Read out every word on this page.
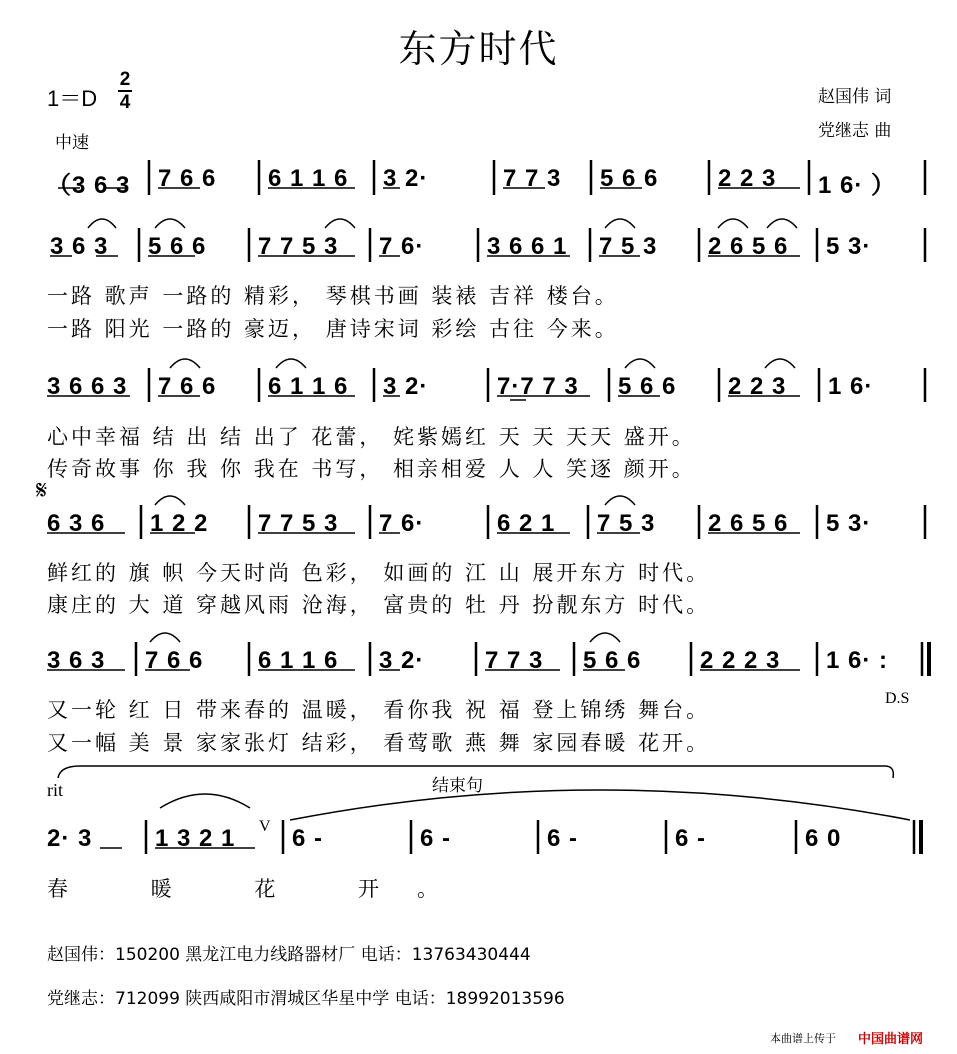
东方时代
1＝D
2
4
中速
赵国伟 词
党继志 曲
（3 6 3 7 6 6 6 1 1 6 3 2·	7 7 3 5 6 6 2 2 3 1 6· ）
3 6 3 5 6 6 7 7 5 3 7 6·	3 6 6 1 7 5 3 2 6 5 6 5 3·
一路 歌声 一路的 精彩， 琴棋书画 装裱 吉祥 楼台。
一路 阳光 一路的 豪迈， 唐诗宋词 彩绘 古往 今来。
3 6 6 3 7 6 6 6 1 1 6 3 2·	7·7 7 3 5 6 6 2 2 3 1 6·
心中幸福 结 出 结 出了 花蕾， 姹紫嫣红 天 天 天天 盛开。
传奇故事 你 我 你 我在 书写， 相亲相爱 人 人 笑逐 颜开。
𝄋
6 3 6 1 2 2 7 7 5 3 7 6·	6 2 1 7 5 3 2 6 5 6 5 3·
鲜红的 旗 帜 今天时尚 色彩， 如画的 江 山 展开东方 时代。
康庄的 大 道 穿越风雨 沧海， 富贵的 牡 丹 扮靓东方 时代。
3 6 3 7 6 6 6 1 1 6 3 2·	7 7 3 5 6 6 2 2 2 3 1 6· :
又一轮 红 日 带来春的 温暖， 看你我 祝 福 登上锦绣 舞台。
又一幅 美 景 家家张灯 结彩， 看莺歌 燕 舞 家园春暖 花开。
D.S
rit	结束句
2· 3	1 3 2 1 V 6 -	6 -	6 -	6 -	6 0
春 暖 花 开。
赵国伟：150200 黑龙江电力线路器材厂 电话：13763430444
党继志：712099 陕西咸阳市渭城区华星中学 电话：18992013596
本曲谱上传于 中国曲谱网
